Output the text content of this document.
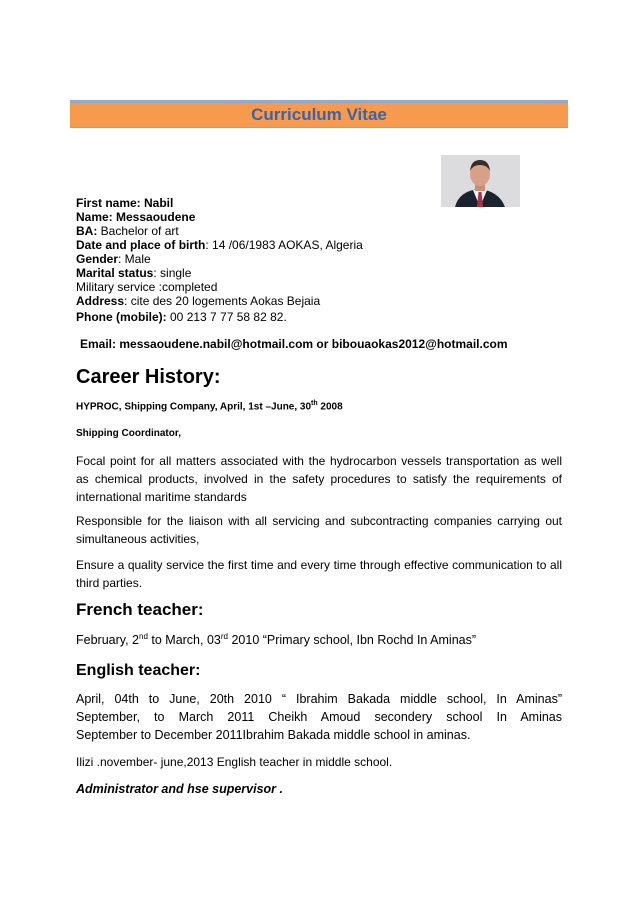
Curriculum Vitae
First name: Nabil
Name: Messaoudene
BA: Bachelor of art
Date and place of birth: 14 /06/1983 AOKAS, Algeria
Gender: Male
Marital status: single
Military service :completed
Address: cite des 20 logements Aokas Bejaia
Phone (mobile): 00 213 7 77 58 82 82.
Email: messaoudene.nabil@hotmail.com or bibouaokas2012@hotmail.com
Career History:
HYPROC, Shipping Company, April, 1st –June, 30th 2008
Shipping Coordinator,
Focal point for all matters associated with the hydrocarbon vessels transportation as well as chemical products, involved in the safety procedures to satisfy the requirements of international maritime standards
Responsible for the liaison with all servicing and subcontracting companies carrying out simultaneous activities,
Ensure a quality service the first time and every time through effective communication to all third parties.
French teacher:
February, 2nd to March, 03rd 2010 “Primary school, Ibn Rochd In Aminas”
English teacher:
April, 04th to June, 20th 2010 “ Ibrahim Bakada middle school, In Aminas”
September, to March 2011 Cheikh Amoud secondery school In Aminas
September to December 2011Ibrahim Bakada middle school in aminas.
Ilizi .november- june,2013 English teacher in middle school.
Administrator and hse supervisor .
